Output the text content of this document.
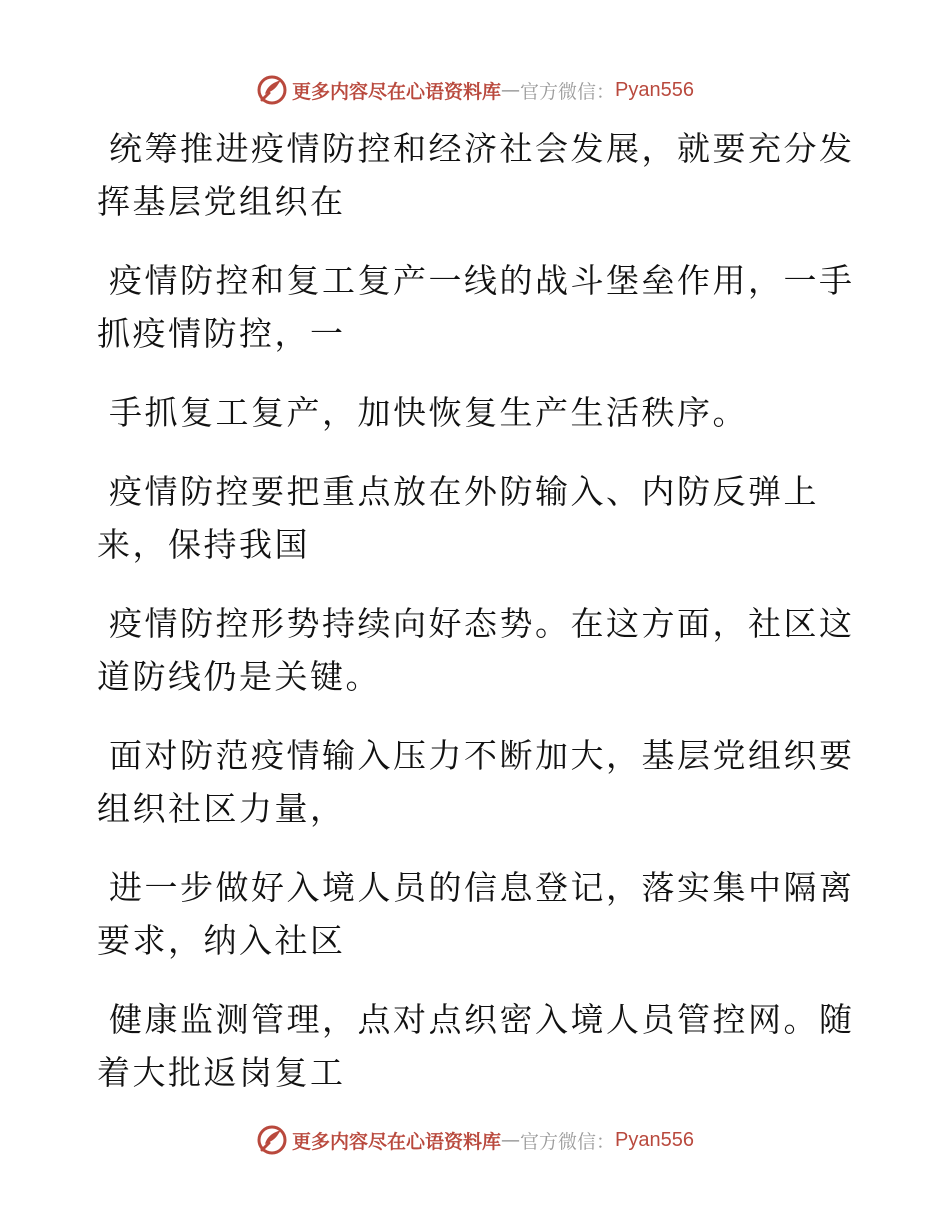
更多内容尽在心语资料库 — 官方微信： Pyan556

统筹推进疫情防控和经济社会发展，就要充分发
挥基层党组织在

疫情防控和复工复产一线的战斗堡垒作用，一手
抓疫情防控，一

手抓复工复产，加快恢复生产生活秩序。

疫情防控要把重点放在外防输入、内防反弹上
来，保持我国

疫情防控形势持续向好态势。在这方面，社区这
道防线仍是关键。

面对防范疫情输入压力不断加大，基层党组织要
组织社区力量，

进一步做好入境人员的信息登记，落实集中隔离
要求，纳入社区

健康监测管理，点对点织密入境人员管控网。随
着大批返岗复工

更多内容尽在心语资料库 — 官方微信： Pyan556
